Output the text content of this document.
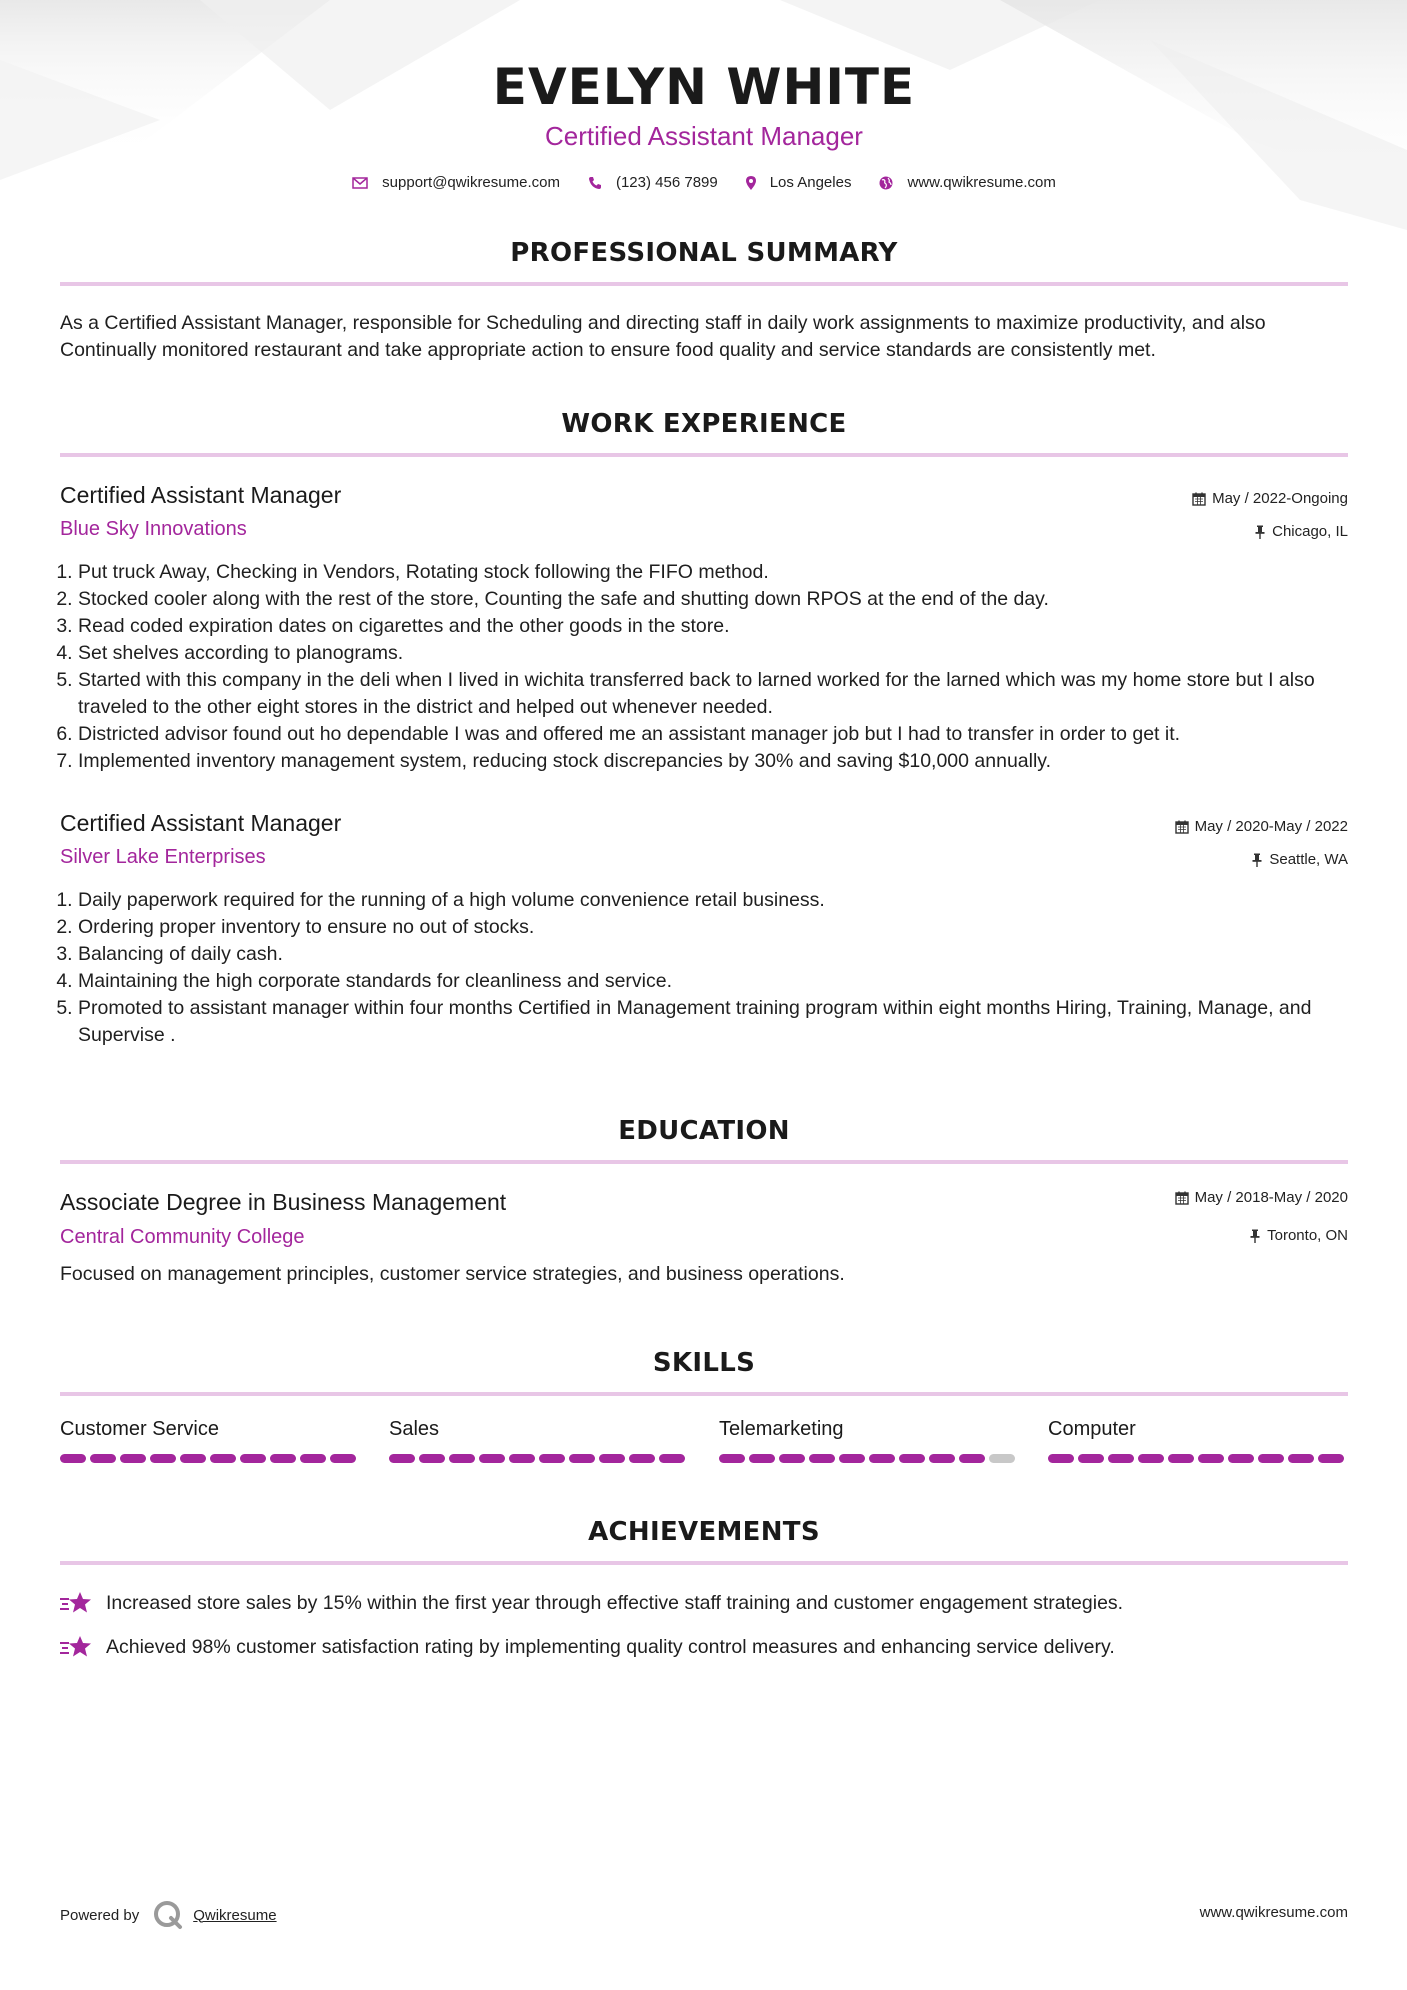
EVELYN WHITE
Certified Assistant Manager
support@qwikresume.com	(123) 456 7899	Los Angeles	www.qwikresume.com
PROFESSIONAL SUMMARY
As a Certified Assistant Manager, responsible for Scheduling and directing staff in daily work assignments to maximize productivity, and also Continually monitored restaurant and take appropriate action to ensure food quality and service standards are consistently met.
WORK EXPERIENCE
Certified Assistant Manager
Blue Sky Innovations
May / 2022-Ongoing
Chicago, IL
1. Put truck Away, Checking in Vendors, Rotating stock following the FIFO method.
2. Stocked cooler along with the rest of the store, Counting the safe and shutting down RPOS at the end of the day.
3. Read coded expiration dates on cigarettes and the other goods in the store.
4. Set shelves according to planograms.
5. Started with this company in the deli when I lived in wichita transferred back to larned worked for the larned which was my home store but I also traveled to the other eight stores in the district and helped out whenever needed.
6. Districted advisor found out ho dependable I was and offered me an assistant manager job but I had to transfer in order to get it.
7. Implemented inventory management system, reducing stock discrepancies by 30% and saving $10,000 annually.
Certified Assistant Manager
Silver Lake Enterprises
May / 2020-May / 2022
Seattle, WA
1. Daily paperwork required for the running of a high volume convenience retail business.
2. Ordering proper inventory to ensure no out of stocks.
3. Balancing of daily cash.
4. Maintaining the high corporate standards for cleanliness and service.
5. Promoted to assistant manager within four months Certified in Management training program within eight months Hiring, Training, Manage, and Supervise .
EDUCATION
Associate Degree in Business Management
Central Community College
May / 2018-May / 2020
Toronto, ON
Focused on management principles, customer service strategies, and business operations.
SKILLS
Customer Service	Sales	Telemarketing	Computer
ACHIEVEMENTS
Increased store sales by 15% within the first year through effective staff training and customer engagement strategies.
Achieved 98% customer satisfaction rating by implementing quality control measures and enhancing service delivery.
Powered by	Qwikresume	www.qwikresume.com
